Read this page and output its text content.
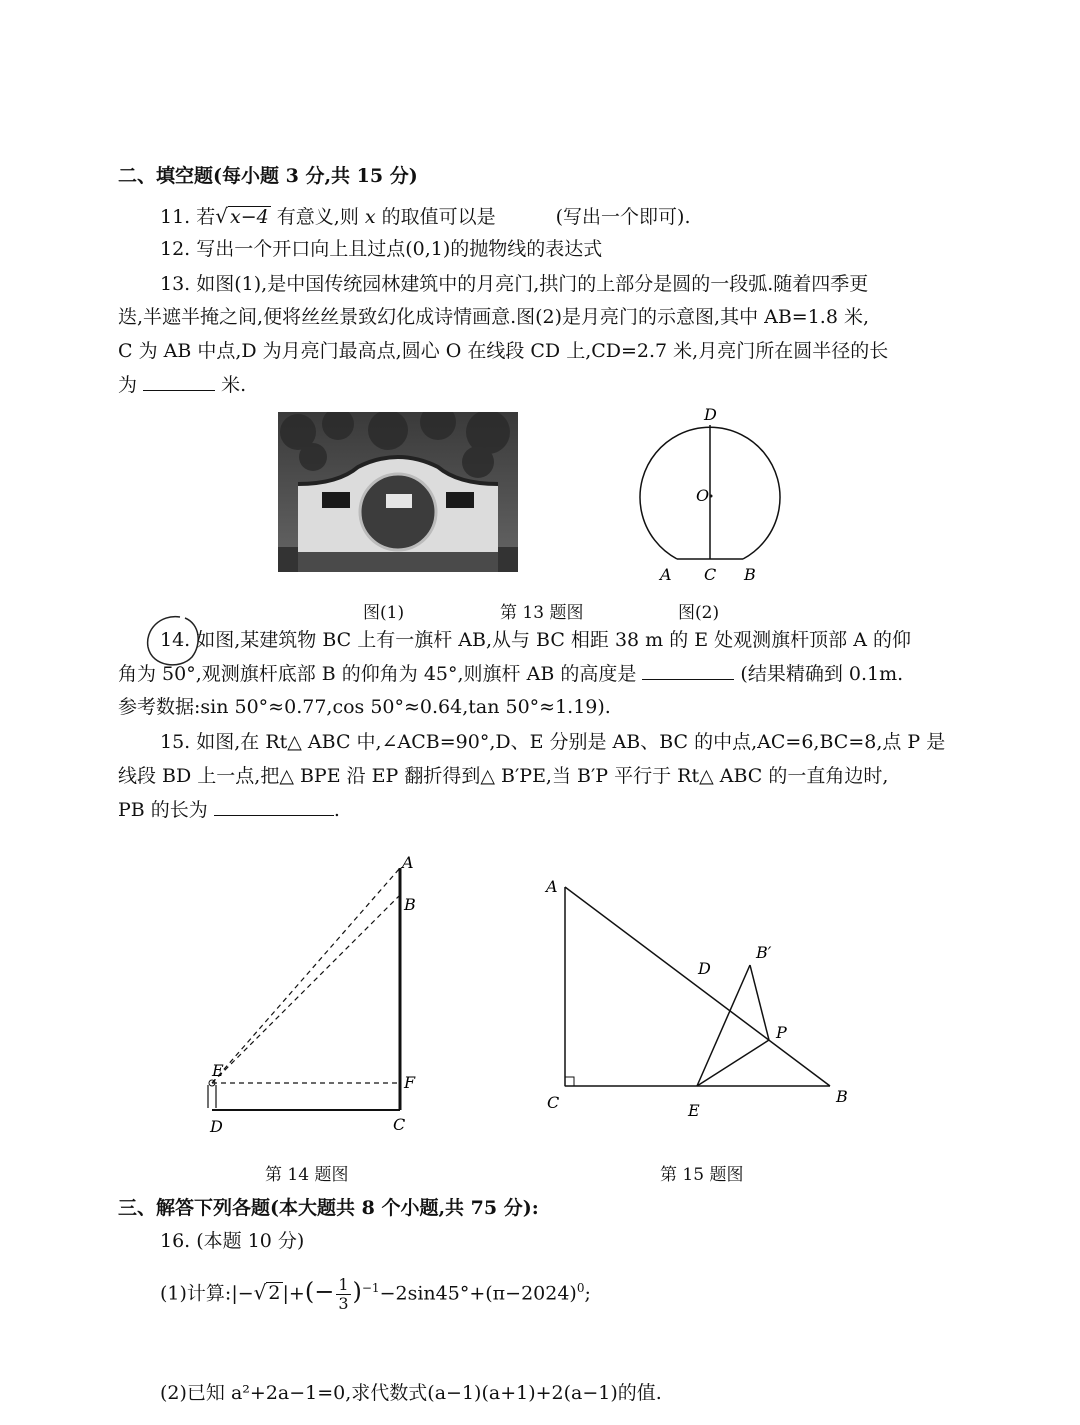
二、填空题(每小题 3 分,共 15 分)
11. 若√ x−4 有意义,则 x 的取值可以是	(写出一个即可).
12. 写出一个开口向上且过点(0,1)的抛物线的表达式
13. 如图(1),是中国传统园林建筑中的月亮门,拱门的上部分是圆的一段弧.随着四季更
迭,半遮半掩之间,便将丝丝景致幻化成诗情画意.图(2)是月亮门的示意图,其中 AB=1.8 米,
C 为 AB 中点,D 为月亮门最高点,圆心 O 在线段 CD 上,CD=2.7 米,月亮门所在圆半径的长
为	米.
D
O
A C B
图(1)	第 13 题图	图(2)
14. 如图,某建筑物 BC 上有一旗杆 AB,从与 BC 相距 38 m 的 E 处观测旗杆顶部 A 的仰
角为 50°,观测旗杆底部 B 的仰角为 45°,则旗杆 AB 的高度是	(结果精确到 0.1m.
参考数据:sin 50°≈0.77,cos 50°≈0.64,tan 50°≈1.19).
15. 如图,在 Rt△ ABC 中,∠ACB=90°,D、E 分别是 AB、BC 的中点,AC=6,BC=8,点 P 是
线段 BD 上一点,把△ BPE 沿 EP 翻折得到△ B′PE,当 B′P 平行于 Rt△ ABC 的一直角边时,
PB 的长为	.
A
B
E
F
D	C
第 14 题图
A
D
B′
P
C	E
B
第 15 题图
三、解答下列各题(本大题共 8 个小题,共 75 分):
16. (本题 10 分)
(1)计算:|−√ 2 |+(− $\frac{1}{3} )^{-1}-2\sin 45^\circ+(\pi-2024)^0$;
(2)已知 a²+2a−1=0,求代数式(a−1)(a+1)+2(a−1)的值.
